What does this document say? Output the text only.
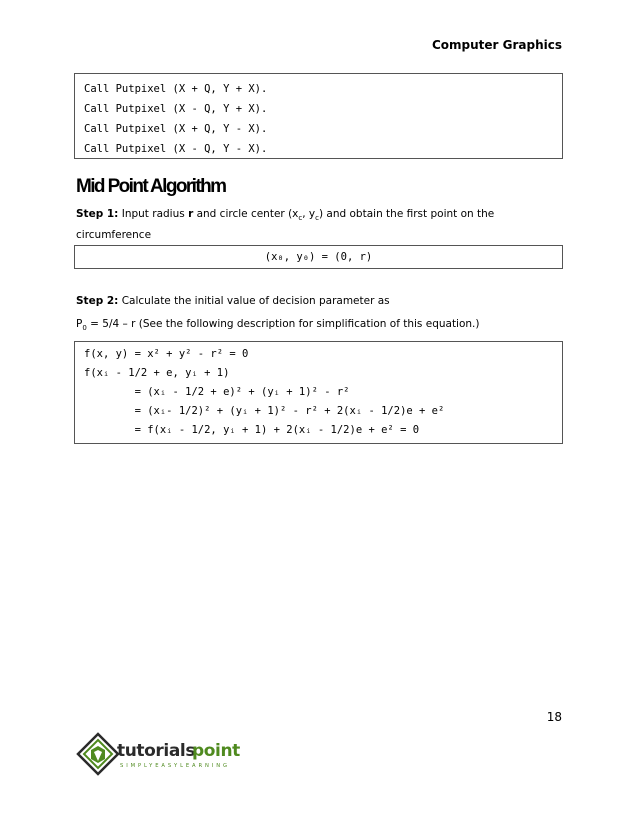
Computer Graphics
Call Putpixel (X + Q, Y + X).
Call Putpixel (X - Q, Y + X).
Call Putpixel (X + Q, Y - X).
Call Putpixel (X - Q, Y - X).
Mid Point Algorithm
Step 1: Input radius r and circle center ($x_c$, $y_c$) and obtain the first point on the circumference

(x₀, y₀) = (0, r)
Step 2: Calculate the initial value of decision parameter as
$P_0 = 5/4 - r$ (See the following description for simplification of this equation.)
f(x, y) = x² + y² - r² = 0
f(xᵢ - 1/2 + e, yᵢ + 1)
= (xᵢ - 1/2 + e)² + (yᵢ + 1)² - r²
= (xᵢ- 1/2)² + (yᵢ + 1)² - r² + 2(xᵢ - 1/2)e + e²
= f(xᵢ - 1/2, yᵢ + 1) + 2(xᵢ - 1/2)e + e² = 0
18
tutorials
point
SIMPLYEASYLEARNING
